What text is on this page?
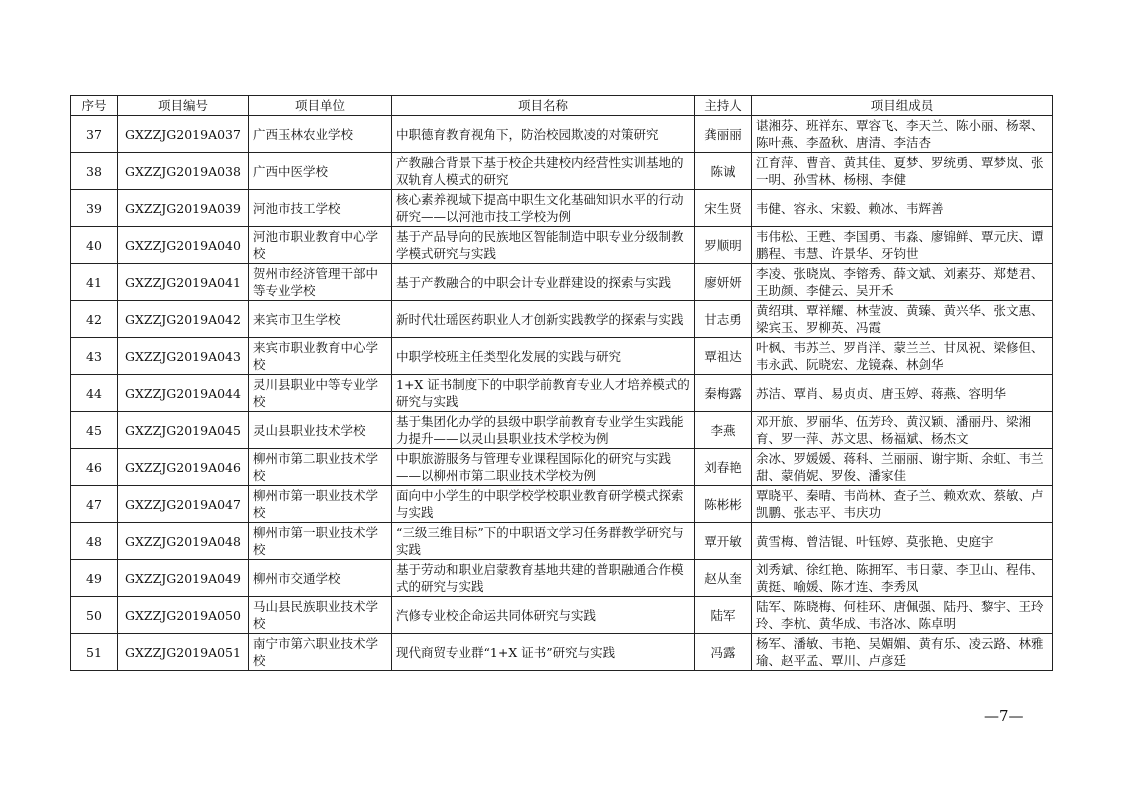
序号	项目编号	项目单位	项目名称	主持人	项目组成员
37	GXZZJG2019A037	广西玉林农业学校	中职德育教育视角下，防治校园欺凌的对策研究	龚丽丽	谌湘芬、班祥东、覃容飞、李天兰、陈小丽、杨翠、陈叶燕、李盈秋、唐清、李洁杏
38	GXZZJG2019A038	广西中医学校	产教融合背景下基于校企共建校内经营性实训基地的双轨育人模式的研究	陈诚	江育萍、曹音、黄其佳、夏梦、罗统勇、覃梦岚、张一明、孙雪林、杨栩、李健
39	GXZZJG2019A039	河池市技工学校	核心素养视域下提高中职生文化基础知识水平的行动研究——以河池市技工学校为例	宋生贤	韦健、容永、宋毅、赖冰、韦辉善
40	GXZZJG2019A040	河池市职业教育中心学校	基于产品导向的民族地区智能制造中职专业分级制教学模式研究与实践	罗顺明	韦伟松、王甦、李国勇、韦淼、廖锦鲜、覃元庆、谭鹏程、韦慧、许景华、牙钧世
41	GXZZJG2019A041	贺州市经济管理干部中等专业学校	基于产教融合的中职会计专业群建设的探索与实践	廖妍妍	李凌、张晓岚、李镕秀、薛文斌、刘素芬、郑楚君、王助颜、李健云、吴开禾
42	GXZZJG2019A042	来宾市卫生学校	新时代壮瑶医药职业人才创新实践教学的探索与实践	甘志勇	黄绍琪、覃祥耀、林莹波、黄臻、黄兴华、张文惠、梁宾玉、罗柳英、冯霞
43	GXZZJG2019A043	来宾市职业教育中心学校	中职学校班主任类型化发展的实践与研究	覃祖达	叶枫、韦苏兰、罗肖洋、蒙兰兰、甘凤祝、梁修但、韦永武、阮晓宏、龙镜森、林剑华
44	GXZZJG2019A044	灵川县职业中等专业学校	1+X 证书制度下的中职学前教育专业人才培养模式的研究与实践	秦梅露	苏洁、覃肖、易贞贞、唐玉婷、蒋燕、容明华
45	GXZZJG2019A045	灵山县职业技术学校	基于集团化办学的县级中职学前教育专业学生实践能力提升——以灵山县职业技术学校为例	李燕	邓开旅、罗丽华、伍芳玲、黄汉颖、潘丽丹、梁湘育、罗一萍、苏文思、杨福斌、杨杰文
46	GXZZJG2019A046	柳州市第二职业技术学校	中职旅游服务与管理专业课程国际化的研究与实践——以柳州市第二职业技术学校为例	刘春艳	余冰、罗媛媛、蒋科、兰丽丽、谢宇斯、余虹、韦兰甜、蒙俏妮、罗俊、潘家佳
47	GXZZJG2019A047	柳州市第一职业技术学校	面向中小学生的中职学校学校职业教育研学模式探索与实践	陈彬彬	覃晓平、秦晴、韦尚林、查子兰、赖欢欢、蔡敏、卢凯鹏、张志平、韦庆功
48	GXZZJG2019A048	柳州市第一职业技术学校	“三级三维目标”下的中职语文学习任务群教学研究与实践	覃开敏	黄雪梅、曾洁锟、叶钰婷、莫张艳、史庭宇
49	GXZZJG2019A049	柳州市交通学校	基于劳动和职业启蒙教育基地共建的普职融通合作模式的研究与实践	赵从奎	刘秀斌、徐红艳、陈拥军、韦日蒙、李卫山、程伟、黄挺、喻媛、陈才连、李秀凤
50	GXZZJG2019A050	马山县民族职业技术学校	汽修专业校企命运共同体研究与实践	陆军	陆军、陈晓梅、何桂环、唐佩强、陆丹、黎宇、王玲玲、李杭、黄华成、韦洛冰、陈卓明
51	GXZZJG2019A051	南宁市第六职业技术学校	现代商贸专业群“1+X 证书”研究与实践	冯露	杨军、潘敏、韦艳、吴媚媚、黄有乐、凌云路、林雅瑜、赵平孟、覃川、卢彦廷
—7—
